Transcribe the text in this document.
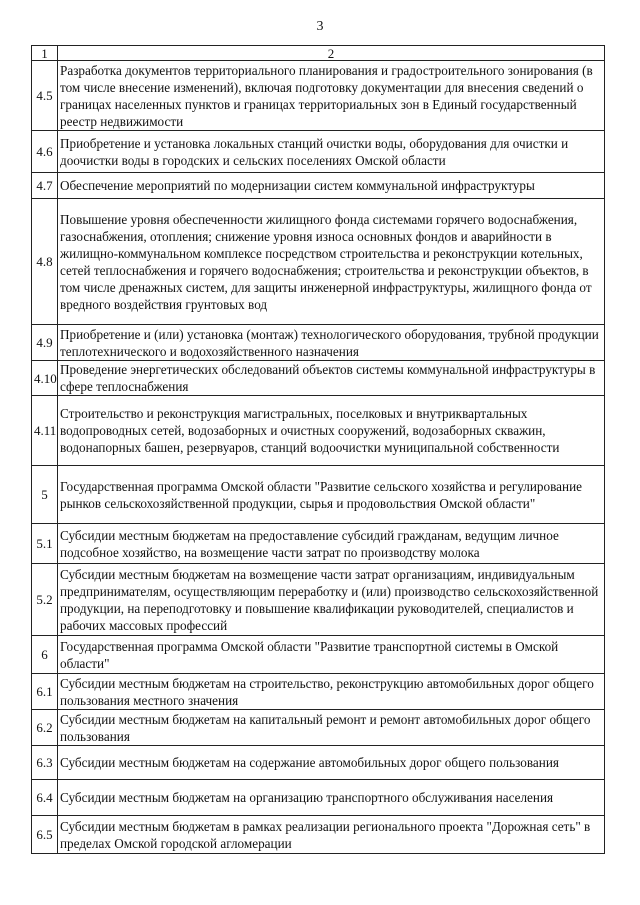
3
1	2
4.5	Разработка документов территориального планирования и градостроительного зонирования (в том числе внесение изменений), включая подготовку документации для внесения сведений о границах населенных пунктов и границах территориальных зон в Единый государственный реестр недвижимости
4.6	Приобретение и установка локальных станций очистки воды, оборудования для очистки и доочистки воды в городских и сельских поселениях Омской области
4.7	Обеспечение мероприятий по модернизации систем коммунальной инфраструктуры
4.8	Повышение уровня обеспеченности жилищного фонда системами горячего водоснабжения, газоснабжения, отопления; снижение уровня износа основных фондов и аварийности в жилищно-коммунальном комплексе посредством строительства и реконструкции котельных, сетей теплоснабжения и горячего водоснабжения; строительства и реконструкции объектов, в том числе дренажных систем, для защиты инженерной инфраструктуры, жилищного фонда от вредного воздействия грунтовых вод
4.9	Приобретение и (или) установка (монтаж) технологического оборудования, трубной продукции теплотехнического и водохозяйственного назначения
4.10	Проведение энергетических обследований объектов системы коммунальной инфраструктуры в сфере теплоснабжения
4.11	Строительство и реконструкция магистральных, поселковых и внутриквартальных водопроводных сетей, водозаборных и очистных сооружений, водозаборных скважин, водонапорных башен, резервуаров, станций водоочистки муниципальной собственности
5	Государственная программа Омской области "Развитие сельского хозяйства и регулирование рынков сельскохозяйственной продукции, сырья и продовольствия Омской области"
5.1	Субсидии местным бюджетам на предоставление субсидий гражданам, ведущим личное подсобное хозяйство, на возмещение части затрат по производству молока
5.2	Субсидии местным бюджетам на возмещение части затрат организациям, индивидуальным предпринимателям, осуществляющим переработку и (или) производство сельскохозяйственной продукции, на переподготовку и повышение квалификации руководителей, специалистов и рабочих массовых профессий
6	Государственная программа Омской области "Развитие транспортной системы в Омской области"
6.1	Субсидии местным бюджетам на строительство, реконструкцию автомобильных дорог общего пользования местного значения
6.2	Субсидии местным бюджетам на капитальный ремонт и ремонт автомобильных дорог общего пользования
6.3	Субсидии местным бюджетам на содержание автомобильных дорог общего пользования
6.4	Субсидии местным бюджетам на организацию транспортного обслуживания населения
6.5	Субсидии местным бюджетам в рамках реализации регионального проекта "Дорожная сеть" в пределах Омской городской агломерации
